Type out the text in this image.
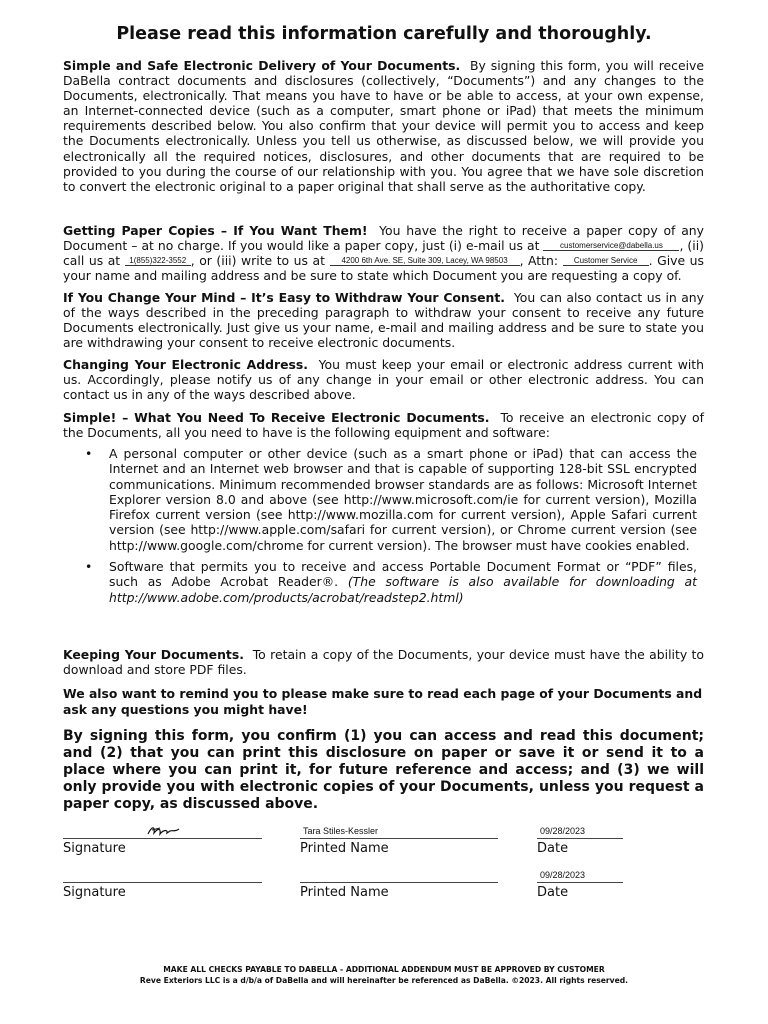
Please read this information carefully and thoroughly.

Simple and Safe Electronic Delivery of Your Documents. By signing this form, you will receive DaBella contract documents and disclosures (collectively, “Documents”) and any changes to the Documents, electronically. That means you have to have or be able to access, at your own expense, an Internet-connected device (such as a computer, smart phone or iPad) that meets the minimum requirements described below. You also confirm that your device will permit you to access and keep the Documents electronically. Unless you tell us otherwise, as discussed below, we will provide you electronically all the required notices, disclosures, and other documents that are required to be provided to you during the course of our relationship with you. You agree that we have sole discretion to convert the electronic original to a paper original that shall serve as the authoritative copy.

Getting Paper Copies – If You Want Them! You have the right to receive a paper copy of any Document – at no charge. If you would like a paper copy, just (i) e-mail us at	customerservice@dabella.us , (ii) call us at 1(855)322-3552 , or (iii) write to us at 4200 6th Ave. SE, Suite 309, Lacey, WA 98503 , Attn: Customer Service . Give us your name and mailing address and be sure to state which Document you are requesting a copy of.

If You Change Your Mind – It’s Easy to Withdraw Your Consent. You can also contact us in any of the ways described in the preceding paragraph to withdraw your consent to receive any future Documents electronically. Just give us your name, e-mail and mailing address and be sure to state you are withdrawing your consent to receive electronic documents.

Changing Your Electronic Address. You must keep your email or electronic address current with us. Accordingly, please notify us of any change in your email or other electronic address. You can contact us in any of the ways described above.

Simple! – What You Need To Receive Electronic Documents. To receive an electronic copy of the Documents, all you need to have is the following equipment and software:

• A personal computer or other device (such as a smart phone or iPad) that can access the Internet and an Internet web browser and that is capable of supporting 128-bit SSL encrypted communications. Minimum recommended browser standards are as follows: Microsoft Internet Explorer version 8.0 and above (see http://www.microsoft.com/ie for current version), Mozilla Firefox current version (see http://www.mozilla.com for current version), Apple Safari current version (see http://www.apple.com/safari for current version), or Chrome current version (see http://www.google.com/chrome for current version). The browser must have cookies enabled.
• Software that permits you to receive and access Portable Document Format or “PDF” files, such as Adobe Acrobat Reader®. (The software is also available for downloading at http://www.adobe.com/products/acrobat/readstep2.html)

Keeping Your Documents. To retain a copy of the Documents, your device must have the ability to download and store PDF files.

We also want to remind you to please make sure to read each page of your Documents and ask any questions you might have!

By signing this form, you confirm (1) you can access and read this document; and (2) that you can print this disclosure on paper or save it or send it to a place where you can print it, for future reference and access; and (3) we will only provide you with electronic copies of your Documents, unless you request a paper copy, as discussed above.

Signature
Tara Stiles-Kessler
Printed Name
09/28/2023
Date
Signature	Printed Name
09/28/2023
Date
MAKE ALL CHECKS PAYABLE TO DABELLA - ADDITIONAL ADDENDUM MUST BE APPROVED BY CUSTOMER
Reve Exteriors LLC is a d/b/a of DaBella and will hereinafter be referenced as DaBella. ©2023. All rights reserved.
